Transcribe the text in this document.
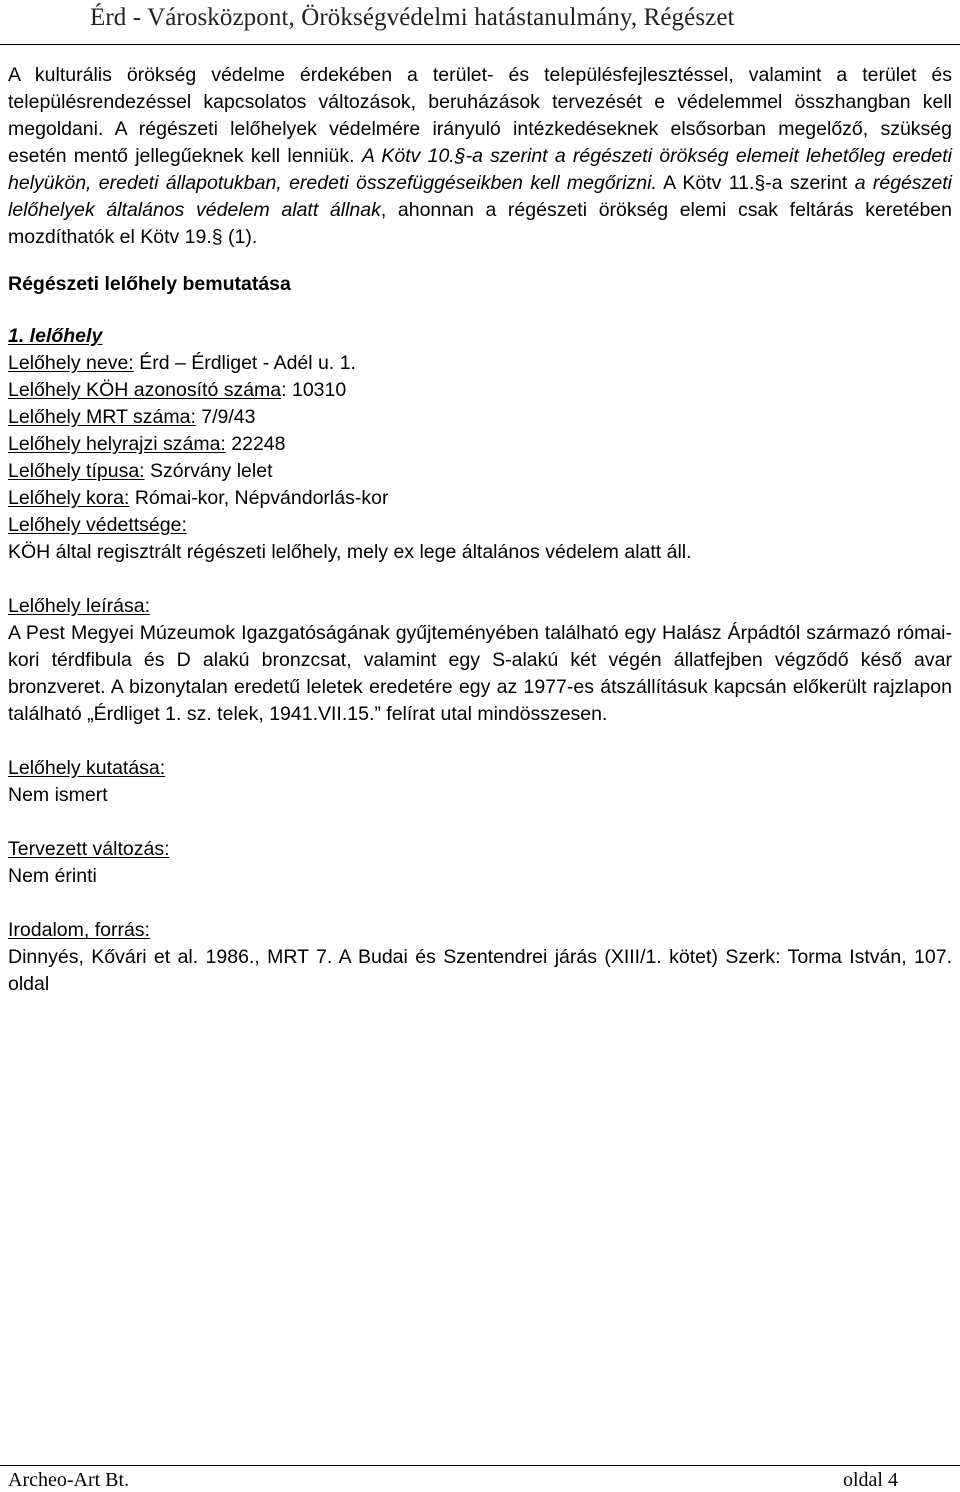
Érd - Városközpont, Örökségvédelmi hatástanulmány, Régészet

A kulturális örökség védelme érdekében a terület- és településfejlesztéssel, valamint a terület és településrendezéssel kapcsolatos változások, beruházások tervezését e védelemmel összhangban kell megoldani. A régészeti lelőhelyek védelmére irányuló intézkedéseknek elsősorban megelőző, szükség esetén mentő jellegűeknek kell lenniük. A Kötv 10.§-a szerint a régészeti örökség elemeit lehetőleg eredeti helyükön, eredeti állapotukban, eredeti összefüggéseikben kell megőrizni. A Kötv 11.§-a szerint a régészeti lelőhelyek általános védelem alatt állnak, ahonnan a régészeti örökség elemi csak feltárás keretében mozdíthatók el Kötv 19.§ (1).

Régészeti lelőhely bemutatása

1. lelőhely

Lelőhely neve: Érd – Érdliget - Adél u. 1.

Lelőhely KÖH azonosító száma: 10310

Lelőhely MRT száma: 7/9/43

Lelőhely helyrajzi száma: 22248

Lelőhely típusa: Szórvány lelet

Lelőhely kora: Római-kor, Népvándorlás-kor

Lelőhely védettsége:

KÖH által regisztrált régészeti lelőhely, mely ex lege általános védelem alatt áll.

Lelőhely leírása:

A Pest Megyei Múzeumok Igazgatóságának gyűjteményében található egy Halász Árpádtól származó római-kori térdfibula és D alakú bronzcsat, valamint egy S-alakú két végén állatfejben végződő késő avar bronzveret. A bizonytalan eredetű leletek eredetére egy az 1977-es átszállításuk kapcsán előkerült rajzlapon található „Érdliget 1. sz. telek, 1941.VII.15.” felírat utal mindösszesen.

Lelőhely kutatása:

Nem ismert

Tervezett változás:

Nem érinti

Irodalom, forrás:

Dinnyés, Kővári et al. 1986., MRT 7. A Budai és Szentendrei járás (XIII/1. kötet) Szerk: Torma István, 107. oldal

Archeo-Art Bt.	oldal 4
